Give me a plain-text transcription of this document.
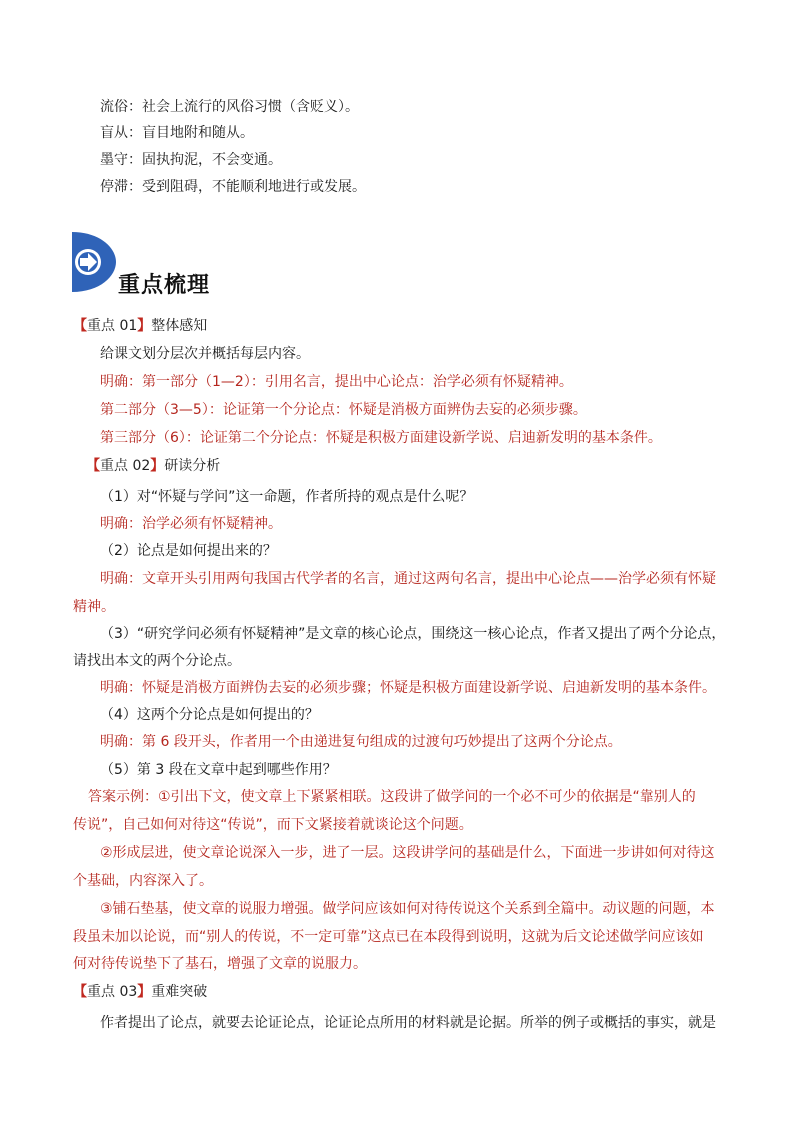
流俗：社会上流行的风俗习惯（含贬义）。
盲从：盲目地附和随从。
墨守：固执拘泥，不会变通。
停滞：受到阻碍，不能顺利地进行或发展。
重点梳理
【重点 01】整体感知
给课文划分层次并概括每层内容。
明确：第一部分（1—2）：引用名言，提出中心论点：治学必须有怀疑精神。
第二部分（3—5）：论证第一个分论点：怀疑是消极方面辨伪去妄的必须步骤。
第三部分（6）：论证第二个分论点：怀疑是积极方面建设新学说、启迪新发明的基本条件。
【重点 02】研读分析
（1）对“怀疑与学问”这一命题，作者所持的观点是什么呢？
明确：治学必须有怀疑精神。
（2）论点是如何提出来的？
明确：文章开头引用两句我国古代学者的名言，通过这两句名言，提出中心论点——治学必须有怀疑
精神。
（3）“研究学问必须有怀疑精神”是文章的核心论点，围绕这一核心论点，作者又提出了两个分论点，
请找出本文的两个分论点。
明确：怀疑是消极方面辨伪去妄的必须步骤；怀疑是积极方面建设新学说、启迪新发明的基本条件。
（4）这两个分论点是如何提出的？
明确：第 6 段开头，作者用一个由递进复句组成的过渡句巧妙提出了这两个分论点。
（5）第 3 段在文章中起到哪些作用？
答案示例：①引出下文，使文章上下紧紧相联。这段讲了做学问的一个必不可少的依据是“靠别人的
传说”，自己如何对待这“传说”，而下文紧接着就谈论这个问题。
②形成层进，使文章论说深入一步，进了一层。这段讲学问的基础是什么，下面进一步讲如何对待这
个基础，内容深入了。
③铺石垫基，使文章的说服力增强。做学问应该如何对待传说这个关系到全篇中。动议题的问题，本
段虽未加以论说，而“别人的传说，不一定可靠”这点已在本段得到说明，这就为后文论述做学问应该如
何对待传说垫下了基石，增强了文章的说服力。
【重点 03】重难突破
作者提出了论点，就要去论证论点，论证论点所用的材料就是论据。所举的例子或概括的事实，就是
